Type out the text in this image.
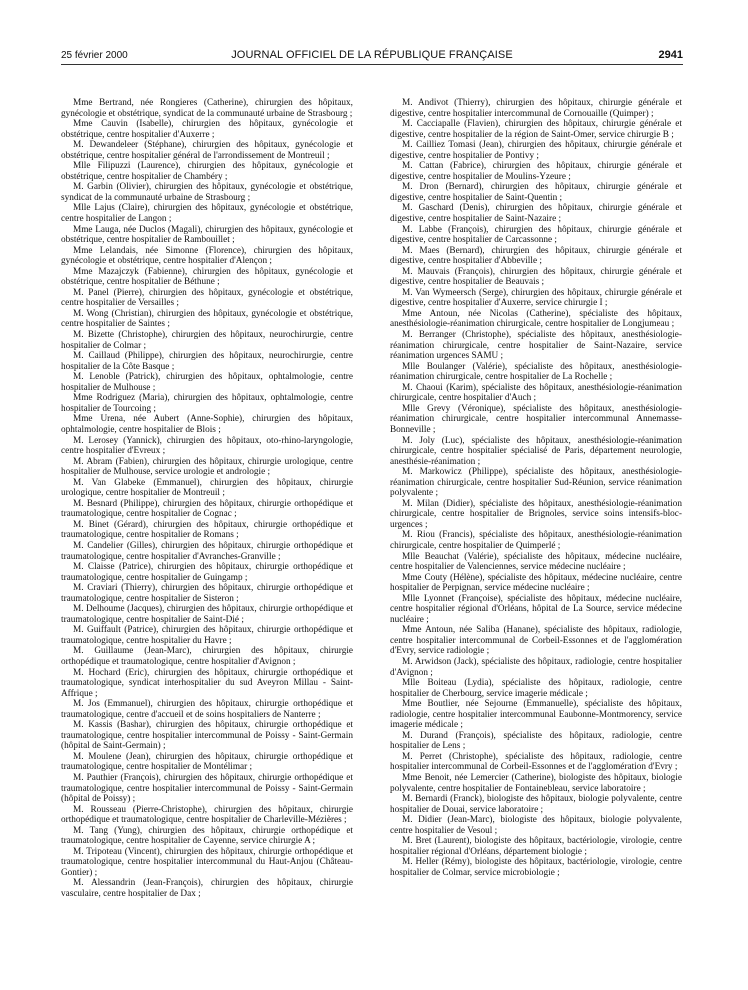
25 février 2000	JOURNAL OFFICIEL DE LA RÉPUBLIQUE FRANÇAISE	2941

Mme Bertrand, née Rongieres (Catherine), chirurgien des hôpitaux, gynécologie et obstétrique, syndicat de la communauté urbaine de Strasbourg ;

Mme Cauvin (Isabelle), chirurgien des hôpitaux, gynécologie et obstétrique, centre hospitalier d'Auxerre ;

M. Dewandeleer (Stéphane), chirurgien des hôpitaux, gynécologie et obstétrique, centre hospitalier général de l'arrondissement de Montreuil ;

Mlle Filipuzzi (Laurence), chirurgien des hôpitaux, gynécologie et obstétrique, centre hospitalier de Chambéry ;

M. Garbin (Olivier), chirurgien des hôpitaux, gynécologie et obstétrique, syndicat de la communauté urbaine de Strasbourg ;

Mlle Lajus (Claire), chirurgien des hôpitaux, gynécologie et obstétrique, centre hospitalier de Langon ;

Mme Lauga, née Duclos (Magali), chirurgien des hôpitaux, gynécologie et obstétrique, centre hospitalier de Rambouillet ;

Mme Lelandais, née Simonne (Florence), chirurgien des hôpitaux, gynécologie et obstétrique, centre hospitalier d'Alençon ;

Mme Mazajczyk (Fabienne), chirurgien des hôpitaux, gynécologie et obstétrique, centre hospitalier de Béthune ;

M. Panel (Pierre), chirurgien des hôpitaux, gynécologie et obstétrique, centre hospitalier de Versailles ;

M. Wong (Christian), chirurgien des hôpitaux, gynécologie et obstétrique, centre hospitalier de Saintes ;

M. Bizette (Christophe), chirurgien des hôpitaux, neurochirurgie, centre hospitalier de Colmar ;

M. Caillaud (Philippe), chirurgien des hôpitaux, neurochirurgie, centre hospitalier de la Côte Basque ;

M. Lenoble (Patrick), chirurgien des hôpitaux, ophtalmologie, centre hospitalier de Mulhouse ;

Mme Rodriguez (Maria), chirurgien des hôpitaux, ophtalmologie, centre hospitalier de Tourcoing ;

Mme Urena, née Aubert (Anne-Sophie), chirurgien des hôpitaux, ophtalmologie, centre hospitalier de Blois ;

M. Lerosey (Yannick), chirurgien des hôpitaux, oto-rhino-laryngologie, centre hospitalier d'Evreux ;

M. Abram (Fabien), chirurgien des hôpitaux, chirurgie urologique, centre hospitalier de Mulhouse, service urologie et andrologie ;

M. Van Glabeke (Emmanuel), chirurgien des hôpitaux, chirurgie urologique, centre hospitalier de Montreuil ;

M. Besnard (Philippe), chirurgien des hôpitaux, chirurgie orthopédique et traumatologique, centre hospitalier de Cognac ;

M. Binet (Gérard), chirurgien des hôpitaux, chirurgie orthopédique et traumatologique, centre hospitalier de Romans ;

M. Candelier (Gilles), chirurgien des hôpitaux, chirurgie orthopédique et traumatologique, centre hospitalier d'Avranches-Granville ;

M. Claisse (Patrice), chirurgien des hôpitaux, chirurgie orthopédique et traumatologique, centre hospitalier de Guingamp ;

M. Craviari (Thierry), chirurgien des hôpitaux, chirurgie orthopédique et traumatologique, centre hospitalier de Sisteron ;

M. Delhoume (Jacques), chirurgien des hôpitaux, chirurgie orthopédique et traumatologique, centre hospitalier de Saint-Dié ;

M. Guiffault (Patrice), chirurgien des hôpitaux, chirurgie orthopédique et traumatologique, centre hospitalier du Havre ;

M. Guillaume (Jean-Marc), chirurgien des hôpitaux, chirurgie orthopédique et traumatologique, centre hospitalier d'Avignon ;

M. Hochard (Eric), chirurgien des hôpitaux, chirurgie orthopédique et traumatologique, syndicat interhospitalier du sud Aveyron Millau - Saint-Affrique ;

M. Jos (Emmanuel), chirurgien des hôpitaux, chirurgie orthopédique et traumatologique, centre d'accueil et de soins hospitaliers de Nanterre ;

M. Kassis (Bashar), chirurgien des hôpitaux, chirurgie orthopédique et traumatologique, centre hospitalier intercommunal de Poissy - Saint-Germain (hôpital de Saint-Germain) ;

M. Moulene (Jean), chirurgien des hôpitaux, chirurgie orthopédique et traumatologique, centre hospitalier de Montélimar ;

M. Pauthier (François), chirurgien des hôpitaux, chirurgie orthopédique et traumatologique, centre hospitalier intercommunal de Poissy - Saint-Germain (hôpital de Poissy) ;

M. Rousseau (Pierre-Christophe), chirurgien des hôpitaux, chirurgie orthopédique et traumatologique, centre hospitalier de Charleville-Mézières ;

M. Tang (Yung), chirurgien des hôpitaux, chirurgie orthopédique et traumatologique, centre hospitalier de Cayenne, service chirurgie A ;

M. Tripoteau (Vincent), chirurgien des hôpitaux, chirurgie orthopédique et traumatologique, centre hospitalier intercommunal du Haut-Anjou (Château-Gontier) ;

M. Alessandrin (Jean-François), chirurgien des hôpitaux, chirurgie vasculaire, centre hospitalier de Dax ;

M. Andivot (Thierry), chirurgien des hôpitaux, chirurgie générale et digestive, centre hospitalier intercommunal de Cornouaille (Quimper) ;

M. Cacciapalle (Flavien), chirurgien des hôpitaux, chirurgie générale et digestive, centre hospitalier de la région de Saint-Omer, service chirurgie B ;

M. Cailliez Tomasi (Jean), chirurgien des hôpitaux, chirurgie générale et digestive, centre hospitalier de Pontivy ;

M. Cattan (Fabrice), chirurgien des hôpitaux, chirurgie générale et digestive, centre hospitalier de Moulins-Yzeure ;

M. Dron (Bernard), chirurgien des hôpitaux, chirurgie générale et digestive, centre hospitalier de Saint-Quentin ;

M. Gaschard (Denis), chirurgien des hôpitaux, chirurgie générale et digestive, centre hospitalier de Saint-Nazaire ;

M. Labbe (François), chirurgien des hôpitaux, chirurgie générale et digestive, centre hospitalier de Carcassonne ;

M. Maes (Bernard), chirurgien des hôpitaux, chirurgie générale et digestive, centre hospitalier d'Abbeville ;

M. Mauvais (François), chirurgien des hôpitaux, chirurgie générale et digestive, centre hospitalier de Beauvais ;

M. Van Wymeersch (Serge), chirurgien des hôpitaux, chirurgie générale et digestive, centre hospitalier d'Auxerre, service chirurgie I ;

Mme Antoun, née Nicolas (Catherine), spécialiste des hôpitaux, anesthésiologie-réanimation chirurgicale, centre hospitalier de Longjumeau ;

M. Berranger (Christophe), spécialiste des hôpitaux, anesthésiologie-réanimation chirurgicale, centre hospitalier de Saint-Nazaire, service réanimation urgences SAMU ;

Mlle Boulanger (Valérie), spécialiste des hôpitaux, anesthésiologie-réanimation chirurgicale, centre hospitalier de La Rochelle ;

M. Chaoui (Karim), spécialiste des hôpitaux, anesthésiologie-réanimation chirurgicale, centre hospitalier d'Auch ;

Mlle Grevy (Véronique), spécialiste des hôpitaux, anesthésiologie-réanimation chirurgicale, centre hospitalier intercommunal Annemasse-Bonneville ;

M. Joly (Luc), spécialiste des hôpitaux, anesthésiologie-réanimation chirurgicale, centre hospitalier spécialisé de Paris, département neurologie, anesthésie-réanimation ;

M. Markowicz (Philippe), spécialiste des hôpitaux, anesthésiologie-réanimation chirurgicale, centre hospitalier Sud-Réunion, service réanimation polyvalente ;

M. Milan (Didier), spécialiste des hôpitaux, anesthésiologie-réanimation chirurgicale, centre hospitalier de Brignoles, service soins intensifs-bloc-urgences ;

M. Riou (Francis), spécialiste des hôpitaux, anesthésiologie-réanimation chirurgicale, centre hospitalier de Quimperlé ;

Mlle Beauchat (Valérie), spécialiste des hôpitaux, médecine nucléaire, centre hospitalier de Valenciennes, service médecine nucléaire ;

Mme Couty (Hélène), spécialiste des hôpitaux, médecine nucléaire, centre hospitalier de Perpignan, service médecine nucléaire ;

Mlle Lyonnet (Françoise), spécialiste des hôpitaux, médecine nucléaire, centre hospitalier régional d'Orléans, hôpital de La Source, service médecine nucléaire ;

Mme Antoun, née Saliba (Hanane), spécialiste des hôpitaux, radiologie, centre hospitalier intercommunal de Corbeil-Essonnes et de l'agglomération d'Evry, service radiologie ;

M. Arwidson (Jack), spécialiste des hôpitaux, radiologie, centre hospitalier d'Avignon ;

Mlle Boiteau (Lydia), spécialiste des hôpitaux, radiologie, centre hospitalier de Cherbourg, service imagerie médicale ;

Mme Boutlier, née Sejourne (Emmanuelle), spécialiste des hôpitaux, radiologie, centre hospitalier intercommunal Eaubonne-Montmorency, service imagerie médicale ;

M. Durand (François), spécialiste des hôpitaux, radiologie, centre hospitalier de Lens ;

M. Perret (Christophe), spécialiste des hôpitaux, radiologie, centre hospitalier intercommunal de Corbeil-Essonnes et de l'agglomération d'Evry ;

Mme Benoit, née Lemercier (Catherine), biologiste des hôpitaux, biologie polyvalente, centre hospitalier de Fontainebleau, service laboratoire ;

M. Bernardi (Franck), biologiste des hôpitaux, biologie polyvalente, centre hospitalier de Douai, service laboratoire ;

M. Didier (Jean-Marc), biologiste des hôpitaux, biologie polyvalente, centre hospitalier de Vesoul ;

M. Bret (Laurent), biologiste des hôpitaux, bactériologie, virologie, centre hospitalier régional d'Orléans, département biologie ;

M. Heller (Rémy), biologiste des hôpitaux, bactériologie, virologie, centre hospitalier de Colmar, service microbiologie ;
